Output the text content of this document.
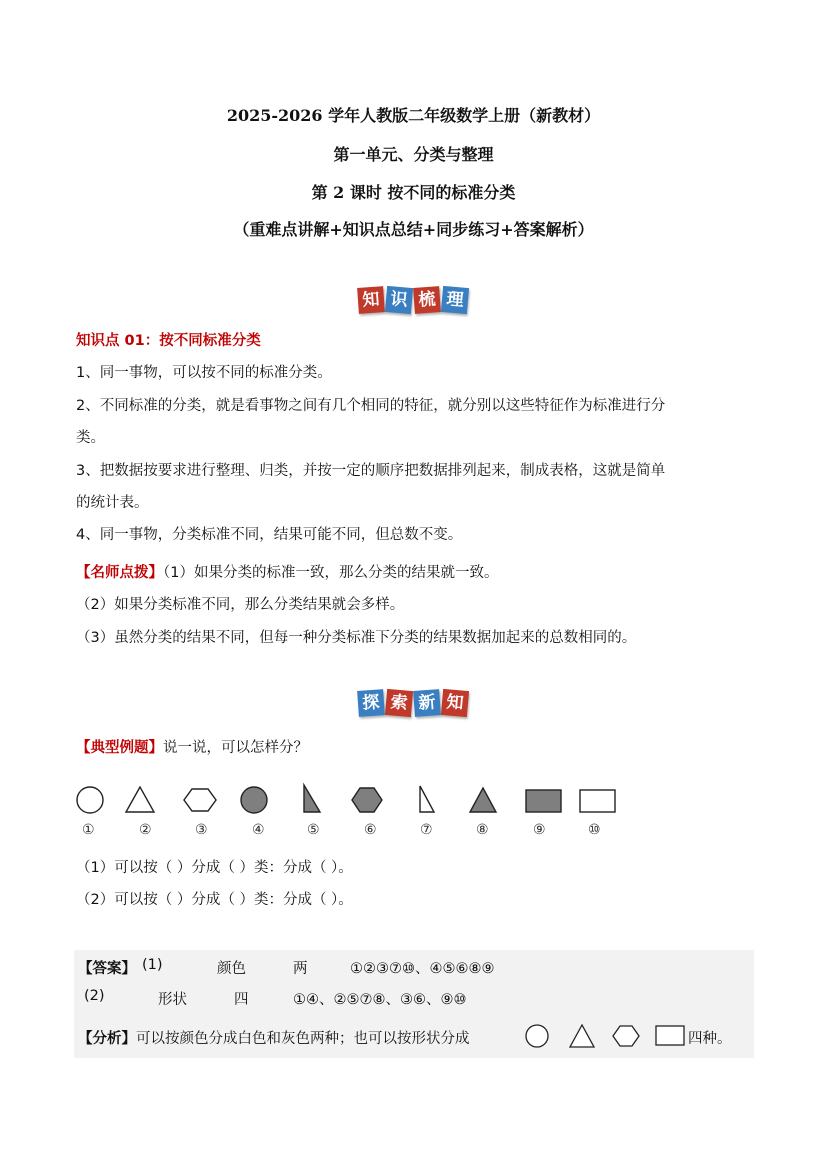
2025-2026 学年人教版二年级数学上册（新教材）
第一单元、分类与整理
第 2 课时 按不同的标准分类
（重难点讲解+知识点总结+同步练习+答案解析）
知 识 梳 理
知识点 01：按不同标准分类
1、同一事物，可以按不同的标准分类。
2、不同标准的分类，就是看事物之间有几个相同的特征，就分别以这些特征作为标准进行分
类。
3、把数据按要求进行整理、归类，并按一定的顺序把数据排列起来，制成表格，这就是简单
的统计表。
4、同一事物，分类标准不同，结果可能不同，但总数不变。
【名师点拨】（1）如果分类的标准一致，那么分类的结果就一致。
（2）如果分类标准不同，那么分类结果就会多样。
（3）虽然分类的结果不同，但每一种分类标准下分类的结果数据加起来的总数相同的。
探 索 新 知
【典型例题】说一说，可以怎样分？
①	②	③	④	⑤	⑥	⑦	⑧	⑨	⑩
（1）可以按（ ）分成（ ）类：分成（ ）。
（2）可以按（ ）分成（ ）类：分成（ ）。
【答案】 (1)	颜色	两	①②③⑦⑩、④⑤⑥⑧⑨
(2)	形状	四	①④、②⑤⑦⑧、③⑥、⑨⑩
【分析】可以按颜色分成白色和灰色两种；也可以按形状分成	四种。
